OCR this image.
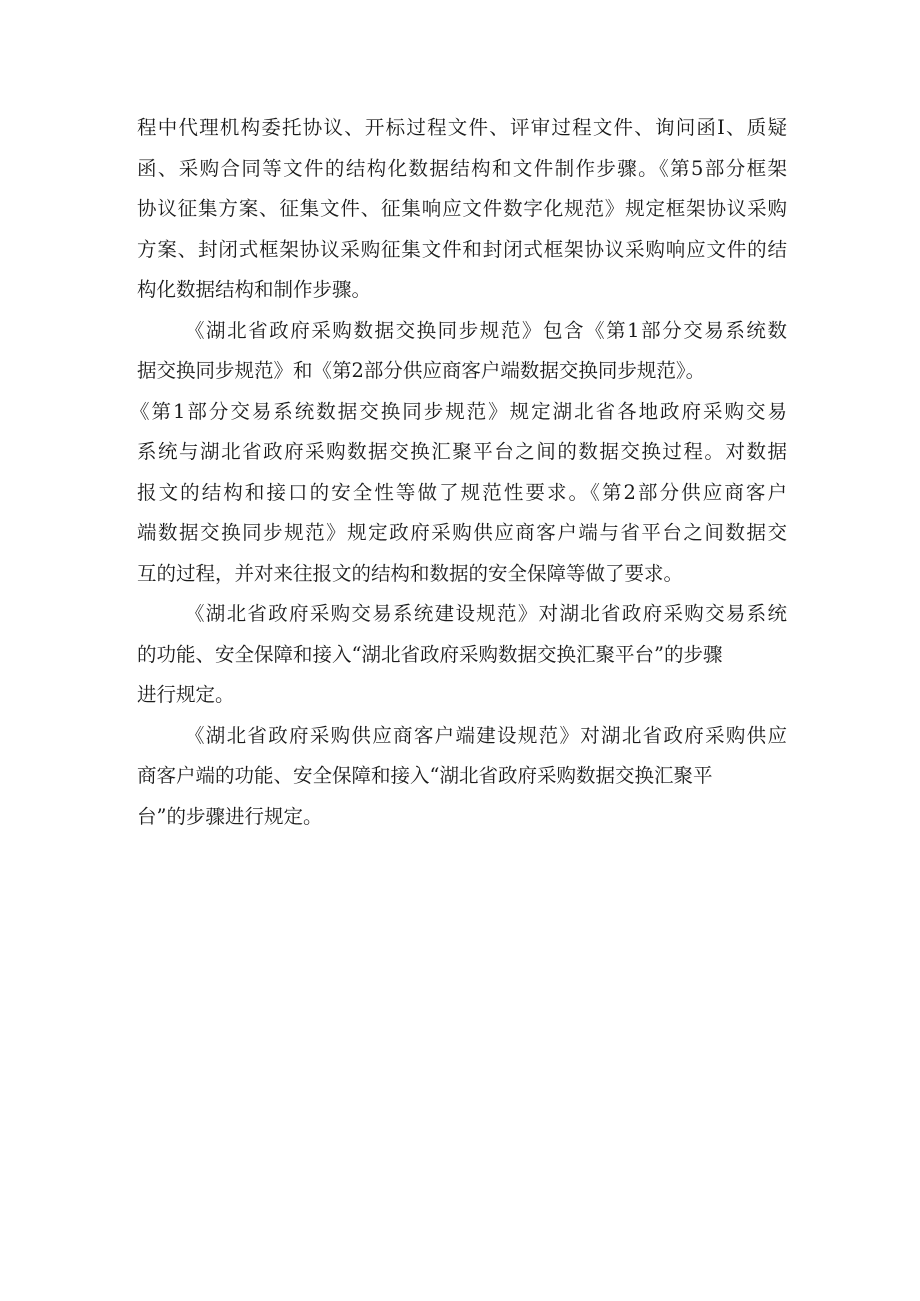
程中代理机构委托协议、开标过程文件、评审过程文件、询问函Ⅰ、质疑
函、采购合同等文件的结构化数据结构和文件制作步骤。《第5部分框架
协议征集方案、征集文件、征集响应文件数字化规范》规定框架协议采购
方案、封闭式框架协议采购征集文件和封闭式框架协议采购响应文件的结
构化数据结构和制作步骤。
《湖北省政府采购数据交换同步规范》包含《第1部分交易系统数
据交换同步规范》和《第2部分供应商客户端数据交换同步规范》。
《第1部分交易系统数据交换同步规范》规定湖北省各地政府采购交易
系统与湖北省政府采购数据交换汇聚平台之间的数据交换过程。对数据
报文的结构和接口的安全性等做了规范性要求。《第2部分供应商客户
端数据交换同步规范》规定政府采购供应商客户端与省平台之间数据交
互的过程，并对来往报文的结构和数据的安全保障等做了要求。
《湖北省政府采购交易系统建设规范》对湖北省政府采购交易系统
的功能、安全保障和接入“湖北省政府采购数据交换汇聚平台”的步骤
进行规定。
《湖北省政府采购供应商客户端建设规范》对湖北省政府采购供应
商客户端的功能、安全保障和接入“湖北省政府采购数据交换汇聚平
台”的步骤进行规定。
